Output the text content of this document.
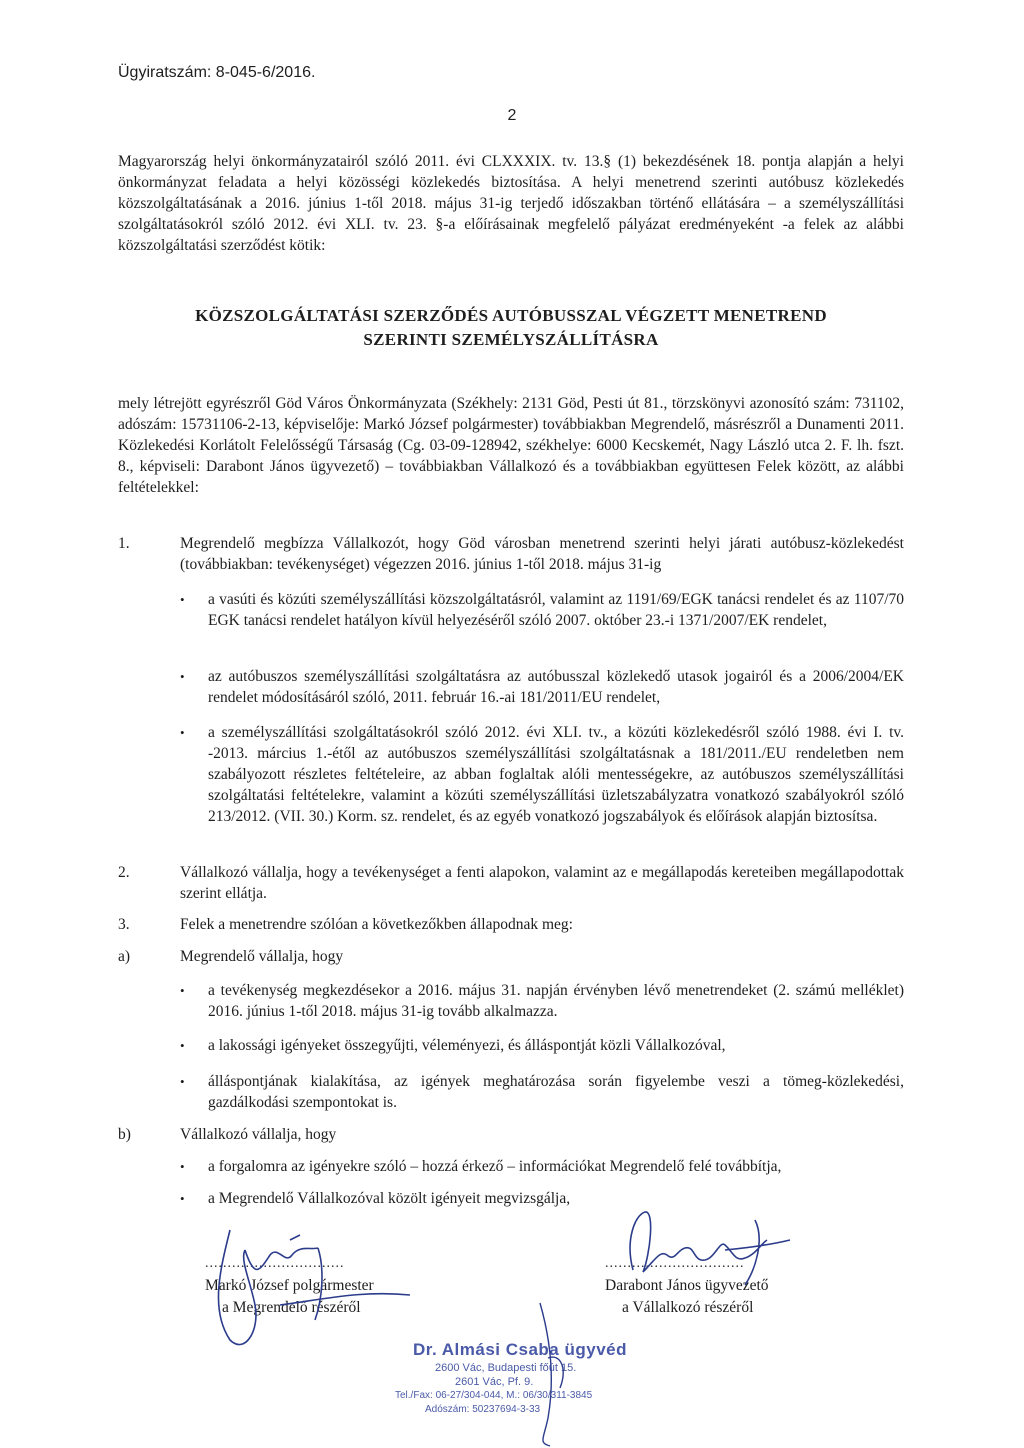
Ügyiratszám: 8-045-6/2016.
2
Magyarország helyi önkormányzatairól szóló 2011. évi CLXXXIX. tv. 13.§ (1) bekezdésének 18. pontja alapján a helyi önkormányzat feladata a helyi közösségi közlekedés biztosítása. A helyi menetrend szerinti autóbusz közlekedés közszolgáltatásának a 2016. június 1-től 2018. május 31-ig terjedő időszakban történő ellátására – a személyszállítási szolgáltatásokról szóló 2012. évi XLI. tv. 23. §-a előírásainak megfelelő pályázat eredményeként -a felek az alábbi közszolgáltatási szerződést kötik:
KÖZSZOLGÁLTATÁSI SZERZŐDÉS AUTÓBUSSZAL VÉGZETT MENETREND
SZERINTI SZEMÉLYSZÁLLÍTÁSRA
mely létrejött egyrészről Göd Város Önkormányzata (Székhely: 2131 Göd, Pesti út 81., törzskönyvi azonosító szám: 731102, adószám: 15731106-2-13, képviselője: Markó József polgármester) továbbiakban Megrendelő, másrészről a Dunamenti 2011. Közlekedési Korlátolt Felelősségű Társaság (Cg. 03-09-128942, székhelye: 6000 Kecskemét, Nagy László utca 2. F. lh. fszt. 8., képviseli: Darabont János ügyvezető) – továbbiakban Vállalkozó és a továbbiakban együttesen Felek között, az alábbi feltételekkel:
1.	Megrendelő megbízza Vállalkozót, hogy Göd városban menetrend szerinti helyi járati autóbusz-közlekedést (továbbiakban: tevékenységet) végezzen 2016. június 1-től 2018. május 31-ig
• a vasúti és közúti személyszállítási közszolgáltatásról, valamint az 1191/69/EGK tanácsi rendelet és az 1107/70 EGK tanácsi rendelet hatályon kívül helyezéséről szóló 2007. október 23.-i 1371/2007/EK rendelet,
• az autóbuszos személyszállítási szolgáltatásra az autóbusszal közlekedő utasok jogairól és a 2006/2004/EK rendelet módosításáról szóló, 2011. február 16.-ai 181/2011/EU rendelet,
• a személyszállítási szolgáltatásokról szóló 2012. évi XLI. tv., a közúti közlekedésről szóló 1988. évi I. tv. -2013. március 1.-étől az autóbuszos személyszállítási szolgáltatásnak a 181/2011./EU rendeletben nem szabályozott részletes feltételeire, az abban foglaltak alóli mentességekre, az autóbuszos személyszállítási szolgáltatási feltételekre, valamint a közúti személyszállítási üzletszabályzatra vonatkozó szabályokról szóló 213/2012. (VII. 30.) Korm. sz. rendelet, és az egyéb vonatkozó jogszabályok és előírások alapján biztosítsa.
2.	Vállalkozó vállalja, hogy a tevékenységet a fenti alapokon, valamint az e megállapodás kereteiben megállapodottak szerint ellátja.
3.	Felek a menetrendre szólóan a következőkben állapodnak meg:
a)	Megrendelő vállalja, hogy
• a tevékenység megkezdésekor a 2016. május 31. napján érvényben lévő menetrendeket (2. számú melléklet) 2016. június 1-től 2018. május 31-ig tovább alkalmazza.
• a lakossági igényeket összegyűjti, véleményezi, és álláspontját közli Vállalkozóval,
• álláspontjának kialakítása, az igények meghatározása során figyelembe veszi a tömeg-közlekedési, gazdálkodási szempontokat is.
b)	Vállalkozó vállalja, hogy
• a forgalomra az igényekre szóló – hozzá érkező – információkat Megrendelő felé továbbítja,
• a Megrendelő Vállalkozóval közölt igényeit megvizsgálja,
...............................
Markó József polgármester
a Megrendelő részéről
...............................
Darabont János ügyvezető
a Vállalkozó részéről
Dr. Almási Csaba ügyvéd
2600 Vác, Budapesti főút 15.
2601 Vác, Pf. 9.
Tel./Fax: 06-27/304-044, M.: 06/30/311-3845
Adószám: 50237694-3-33
